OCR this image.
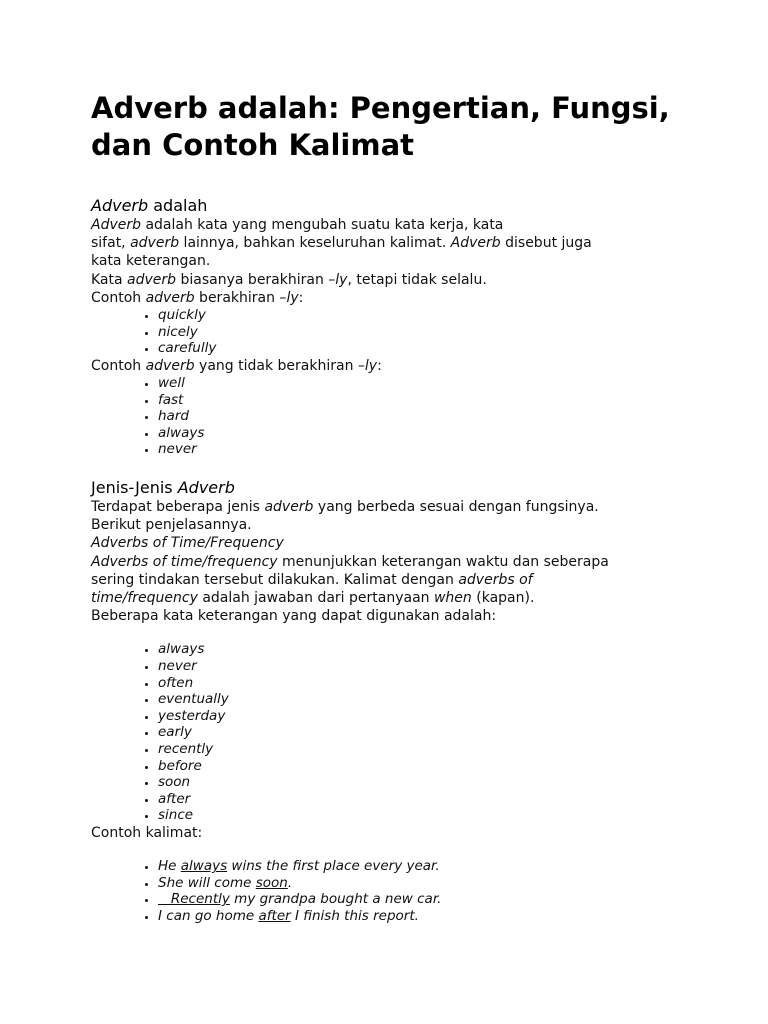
Adverb adalah: Pengertian, Fungsi, dan Contoh Kalimat
Adverb adalah

Adverb adalah kata yang mengubah suatu kata kerja, kata
sifat, adverb lainnya, bahkan keseluruhan kalimat. Adverb disebut juga
kata keterangan.

Kata adverb biasanya berakhiran –ly, tetapi tidak selalu.

Contoh adverb berakhiran –ly:

• quickly
• nicely
• carefully

Contoh adverb yang tidak berakhiran –ly:

• well
• fast
• hard
• always
• never
Jenis-Jenis Adverb

Terdapat beberapa jenis adverb yang berbeda sesuai dengan fungsinya.
Berikut penjelasannya.

Adverbs of Time/Frequency

Adverbs of time/frequency menunjukkan keterangan waktu dan seberapa
sering tindakan tersebut dilakukan. Kalimat dengan adverbs of
time/frequency adalah jawaban dari pertanyaan when (kapan).

Beberapa kata keterangan yang dapat digunakan adalah:

• always
• never
• often
• eventually
• yesterday
• early
• recently
• before
• soon
• after
• since

Contoh kalimat:

• He always wins the first place every year.
• She will come soon.
•    Recently my grandpa bought a new car.
• I can go home after I finish this report.
